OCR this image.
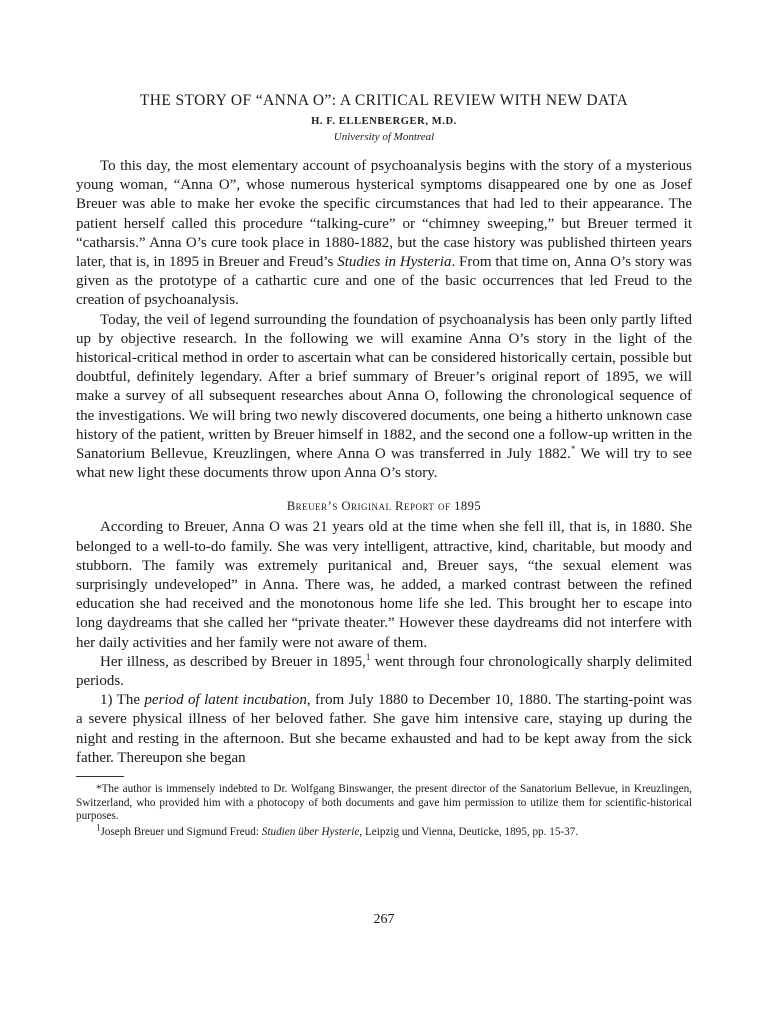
THE STORY OF “ANNA O”: A CRITICAL REVIEW WITH NEW DATA
H. F. ELLENBERGER, M.D.
University of Montreal

To this day, the most elementary account of psychoanalysis begins with the story of a mysterious young woman, “Anna O”, whose numerous hysterical symptoms disappeared one by one as Josef Breuer was able to make her evoke the specific circumstances that had led to their appearance. The patient herself called this procedure “talking-cure” or “chimney sweeping,” but Breuer termed it “catharsis.” Anna O’s cure took place in 1880-1882, but the case history was published thirteen years later, that is, in 1895 in Breuer and Freud’s Studies in Hysteria. From that time on, Anna O’s story was given as the prototype of a cathartic cure and one of the basic occurrences that led Freud to the creation of psychoanalysis.

Today, the veil of legend surrounding the foundation of psychoanalysis has been only partly lifted up by objective research. In the following we will examine Anna O’s story in the light of the historical-critical method in order to ascertain what can be considered historically certain, possible but doubtful, definitely legendary. After a brief summary of Breuer’s original report of 1895, we will make a survey of all subsequent researches about Anna O, following the chronological sequence of the investigations. We will bring two newly discovered documents, one being a hitherto unknown case history of the patient, written by Breuer himself in 1882, and the second one a follow-up written in the Sanatorium Bellevue, Kreuzlingen, where Anna O was transferred in July 1882.* We will try to see what new light these documents throw upon Anna O’s story.

Breuer’s Original Report of 1895

According to Breuer, Anna O was 21 years old at the time when she fell ill, that is, in 1880. She belonged to a well-to-do family. She was very intelligent, attractive, kind, charitable, but moody and stubborn. The family was extremely puritanical and, Breuer says, “the sexual element was surprisingly undeveloped” in Anna. There was, he added, a marked contrast between the refined education she had received and the monotonous home life she led. This brought her to escape into long daydreams that she called her “private theater.” However these daydreams did not interfere with her daily activities and her family were not aware of them.

Her illness, as described by Breuer in 1895,$^1$ went through four chronologically sharply delimited periods.

1) The period of latent incubation, from July 1880 to December 10, 1880. The starting-point was a severe physical illness of her beloved father. She gave him intensive care, staying up during the night and resting in the afternoon. But she became exhausted and had to be kept away from the sick father. Thereupon she began

*The author is immensely indebted to Dr. Wolfgang Binswanger, the present director of the Sanatorium Bellevue, in Kreuzlingen, Switzerland, who provided him with a photocopy of both documents and gave him permission to utilize them for scientific-historical purposes.

$^1$Joseph Breuer und Sigmund Freud: Studien über Hysterie, Leipzig und Vienna, Deuticke, 1895, pp. 15-37.

267
